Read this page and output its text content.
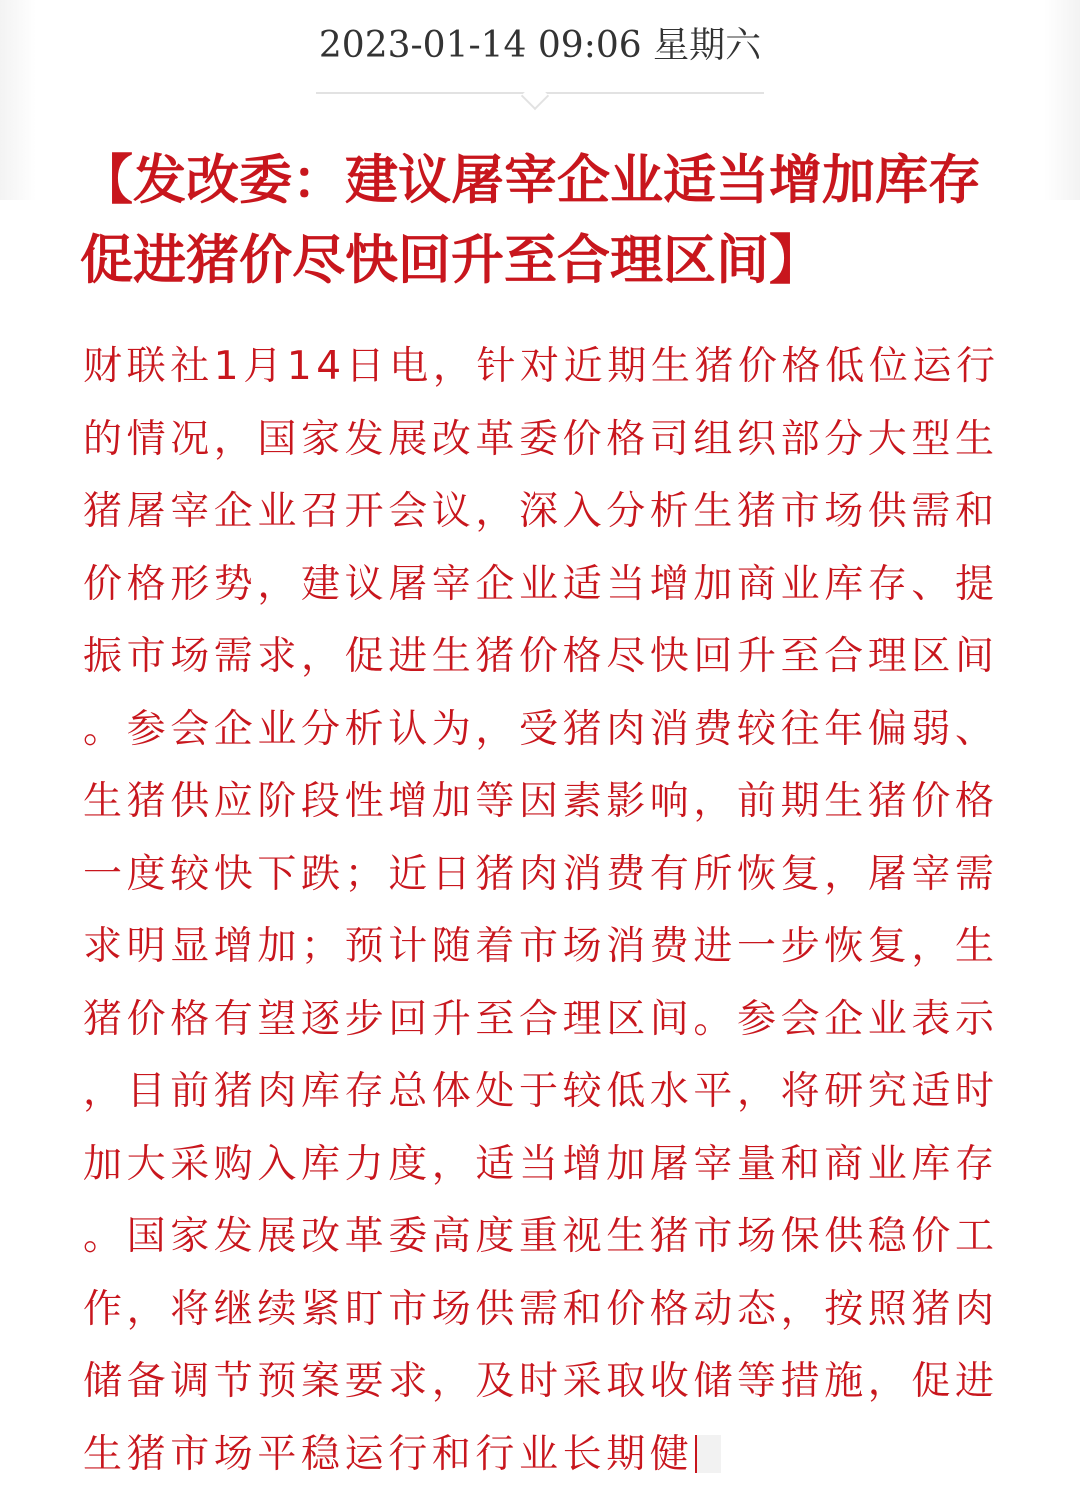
2023-01-14 09:06 星期六
【发改委：建议屠宰企业适当增加库存 促进猪价尽快回升至合理区间】
财联社1月14日电，针对近期生猪价格低位运行
的情况，国家发展改革委价格司组织部分大型生
猪屠宰企业召开会议，深入分析生猪市场供需和
价格形势，建议屠宰企业适当增加商业库存、提
振市场需求，促进生猪价格尽快回升至合理区间
。参会企业分析认为，受猪肉消费较往年偏弱、
生猪供应阶段性增加等因素影响，前期生猪价格
一度较快下跌；近日猪肉消费有所恢复，屠宰需
求明显增加；预计随着市场消费进一步恢复，生
猪价格有望逐步回升至合理区间。参会企业表示
，目前猪肉库存总体处于较低水平，将研究适时
加大采购入库力度，适当增加屠宰量和商业库存
。国家发展改革委高度重视生猪市场保供稳价工
作，将继续紧盯市场供需和价格动态，按照猪肉
储备调节预案要求，及时采取收储等措施，促进
生猪市场平稳运行和行业长期健
